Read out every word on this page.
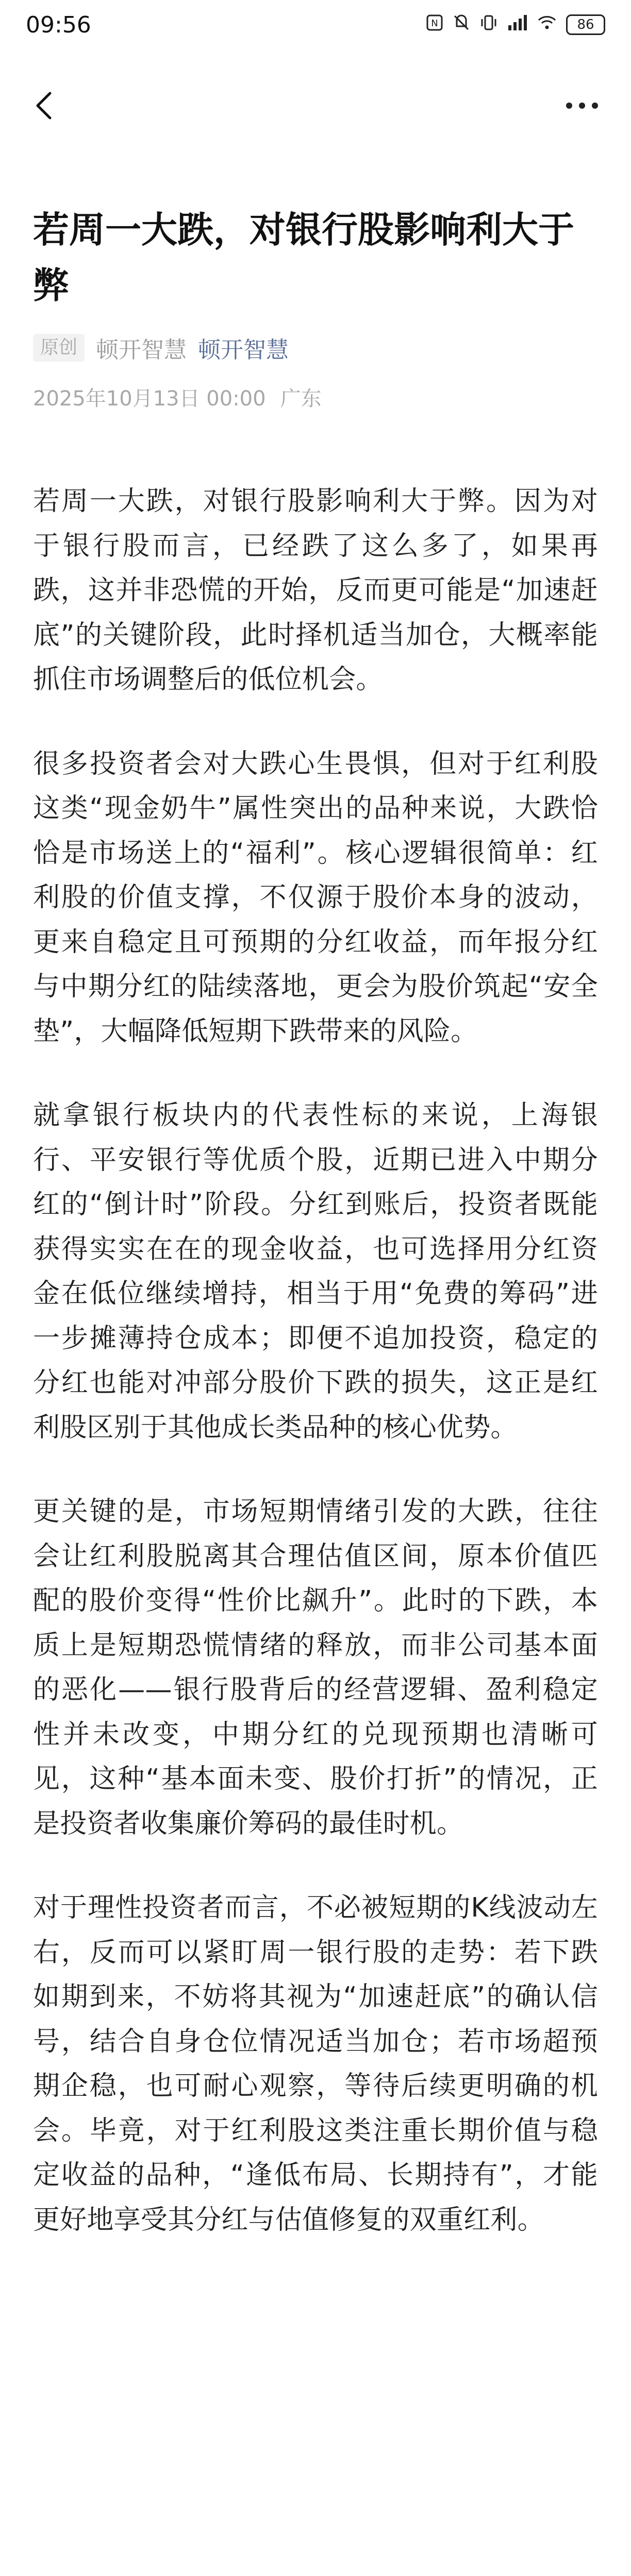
09:56	N	86
若周一大跌，对银行股影响利大于弊
原创 顿开智慧 顿开智慧
2025年10月13日 00:00 广东

若周一大跌，对银行股影响利大于弊。因为对于银行股而言，已经跌了这么多了，如果再跌，这并非恐慌的开始，反而更可能是“加速赶底”的关键阶段，此时择机适当加仓，大概率能抓住市场调整后的低位机会。

很多投资者会对大跌心生畏惧，但对于红利股这类“现金奶牛”属性突出的品种来说，大跌恰恰是市场送上的“福利”。核心逻辑很简单：红利股的价值支撑，不仅源于股价本身的波动，更来自稳定且可预期的分红收益，而年报分红与中期分红的陆续落地，更会为股价筑起“安全垫”，大幅降低短期下跌带来的风险。

就拿银行板块内的代表性标的来说，上海银行、平安银行等优质个股，近期已进入中期分红的“倒计时”阶段。分红到账后，投资者既能获得实实在在的现金收益，也可选择用分红资金在低位继续增持，相当于用“免费的筹码”进一步摊薄持仓成本；即便不追加投资，稳定的分红也能对冲部分股价下跌的损失，这正是红利股区别于其他成长类品种的核心优势。

更关键的是，市场短期情绪引发的大跌，往往会让红利股脱离其合理估值区间，原本价值匹配的股价变得“性价比飙升”。此时的下跌，本质上是短期恐慌情绪的释放，而非公司基本面的恶化——银行股背后的经营逻辑、盈利稳定性并未改变，中期分红的兑现预期也清晰可见，这种“基本面未变、股价打折”的情况，正是投资者收集廉价筹码的最佳时机。

对于理性投资者而言，不必被短期的K线波动左右，反而可以紧盯周一银行股的走势：若下跌如期到来，不妨将其视为“加速赶底”的确认信号，结合自身仓位情况适当加仓；若市场超预期企稳，也可耐心观察，等待后续更明确的机会。毕竟，对于红利股这类注重长期价值与稳定收益的品种，“逢低布局、长期持有”，才能更好地享受其分红与估值修复的双重红利。
